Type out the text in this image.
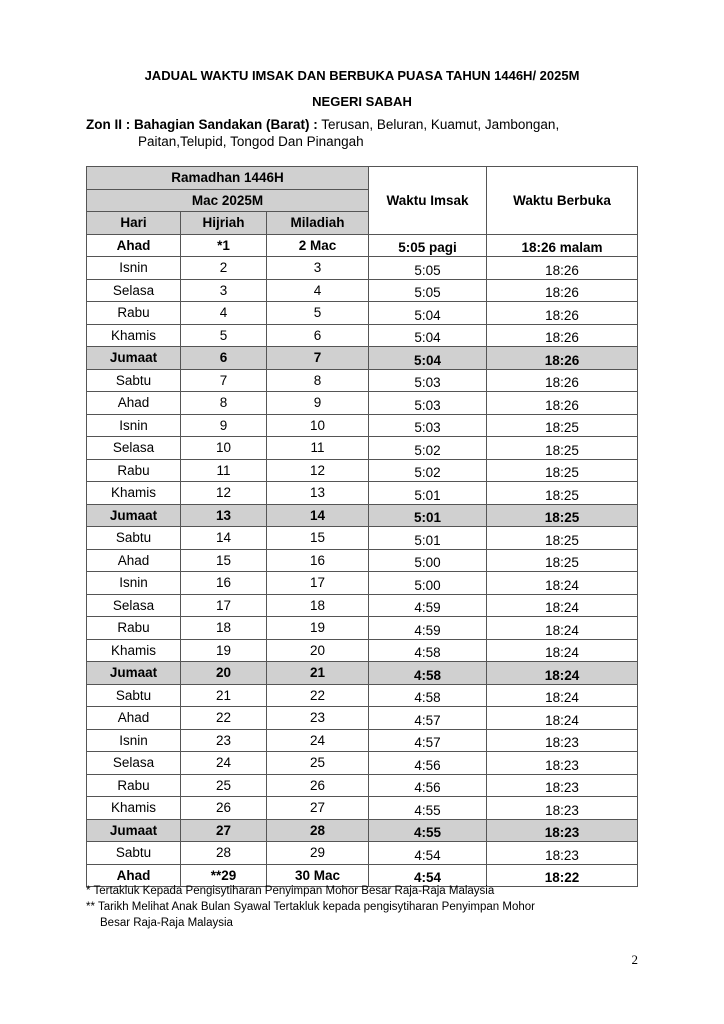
JADUAL WAKTU IMSAK DAN BERBUKA PUASA TAHUN 1446H/ 2025M
NEGERI SABAH
Zon II : Bahagian Sandakan (Barat) : Terusan, Beluran, Kuamut, Jambongan,
Paitan,Telupid, Tongod Dan Pinangah
Ramadhan 1446H			Waktu Imsak	Waktu Berbuka
Mac 2025M				
Hari	Hijriah	Miladiah		
Ahad	*1	2 Mac	5:05 pagi	18:26 malam
Isnin	2	3	5:05	18:26
Selasa	3	4	5:05	18:26
Rabu	4	5	5:04	18:26
Khamis	5	6	5:04	18:26
Jumaat	6	7	5:04	18:26
Sabtu	7	8	5:03	18:26
Ahad	8	9	5:03	18:26
Isnin	9	10	5:03	18:25
Selasa	10	11	5:02	18:25
Rabu	11	12	5:02	18:25
Khamis	12	13	5:01	18:25
Jumaat	13	14	5:01	18:25
Sabtu	14	15	5:01	18:25
Ahad	15	16	5:00	18:25
Isnin	16	17	5:00	18:24
Selasa	17	18	4:59	18:24
Rabu	18	19	4:59	18:24
Khamis	19	20	4:58	18:24
Jumaat	20	21	4:58	18:24
Sabtu	21	22	4:58	18:24
Ahad	22	23	4:57	18:24
Isnin	23	24	4:57	18:23
Selasa	24	25	4:56	18:23
Rabu	25	26	4:56	18:23
Khamis	26	27	4:55	18:23
Jumaat	27	28	4:55	18:23
Sabtu	28	29	4:54	18:23
Ahad	**29	30 Mac	4:54	18:22
* Tertakluk Kepada Pengisytiharan Penyimpan Mohor Besar Raja-Raja Malaysia
** Tarikh Melihat Anak Bulan Syawal Tertakluk kepada pengisytiharan Penyimpan Mohor
Besar Raja-Raja Malaysia
2
